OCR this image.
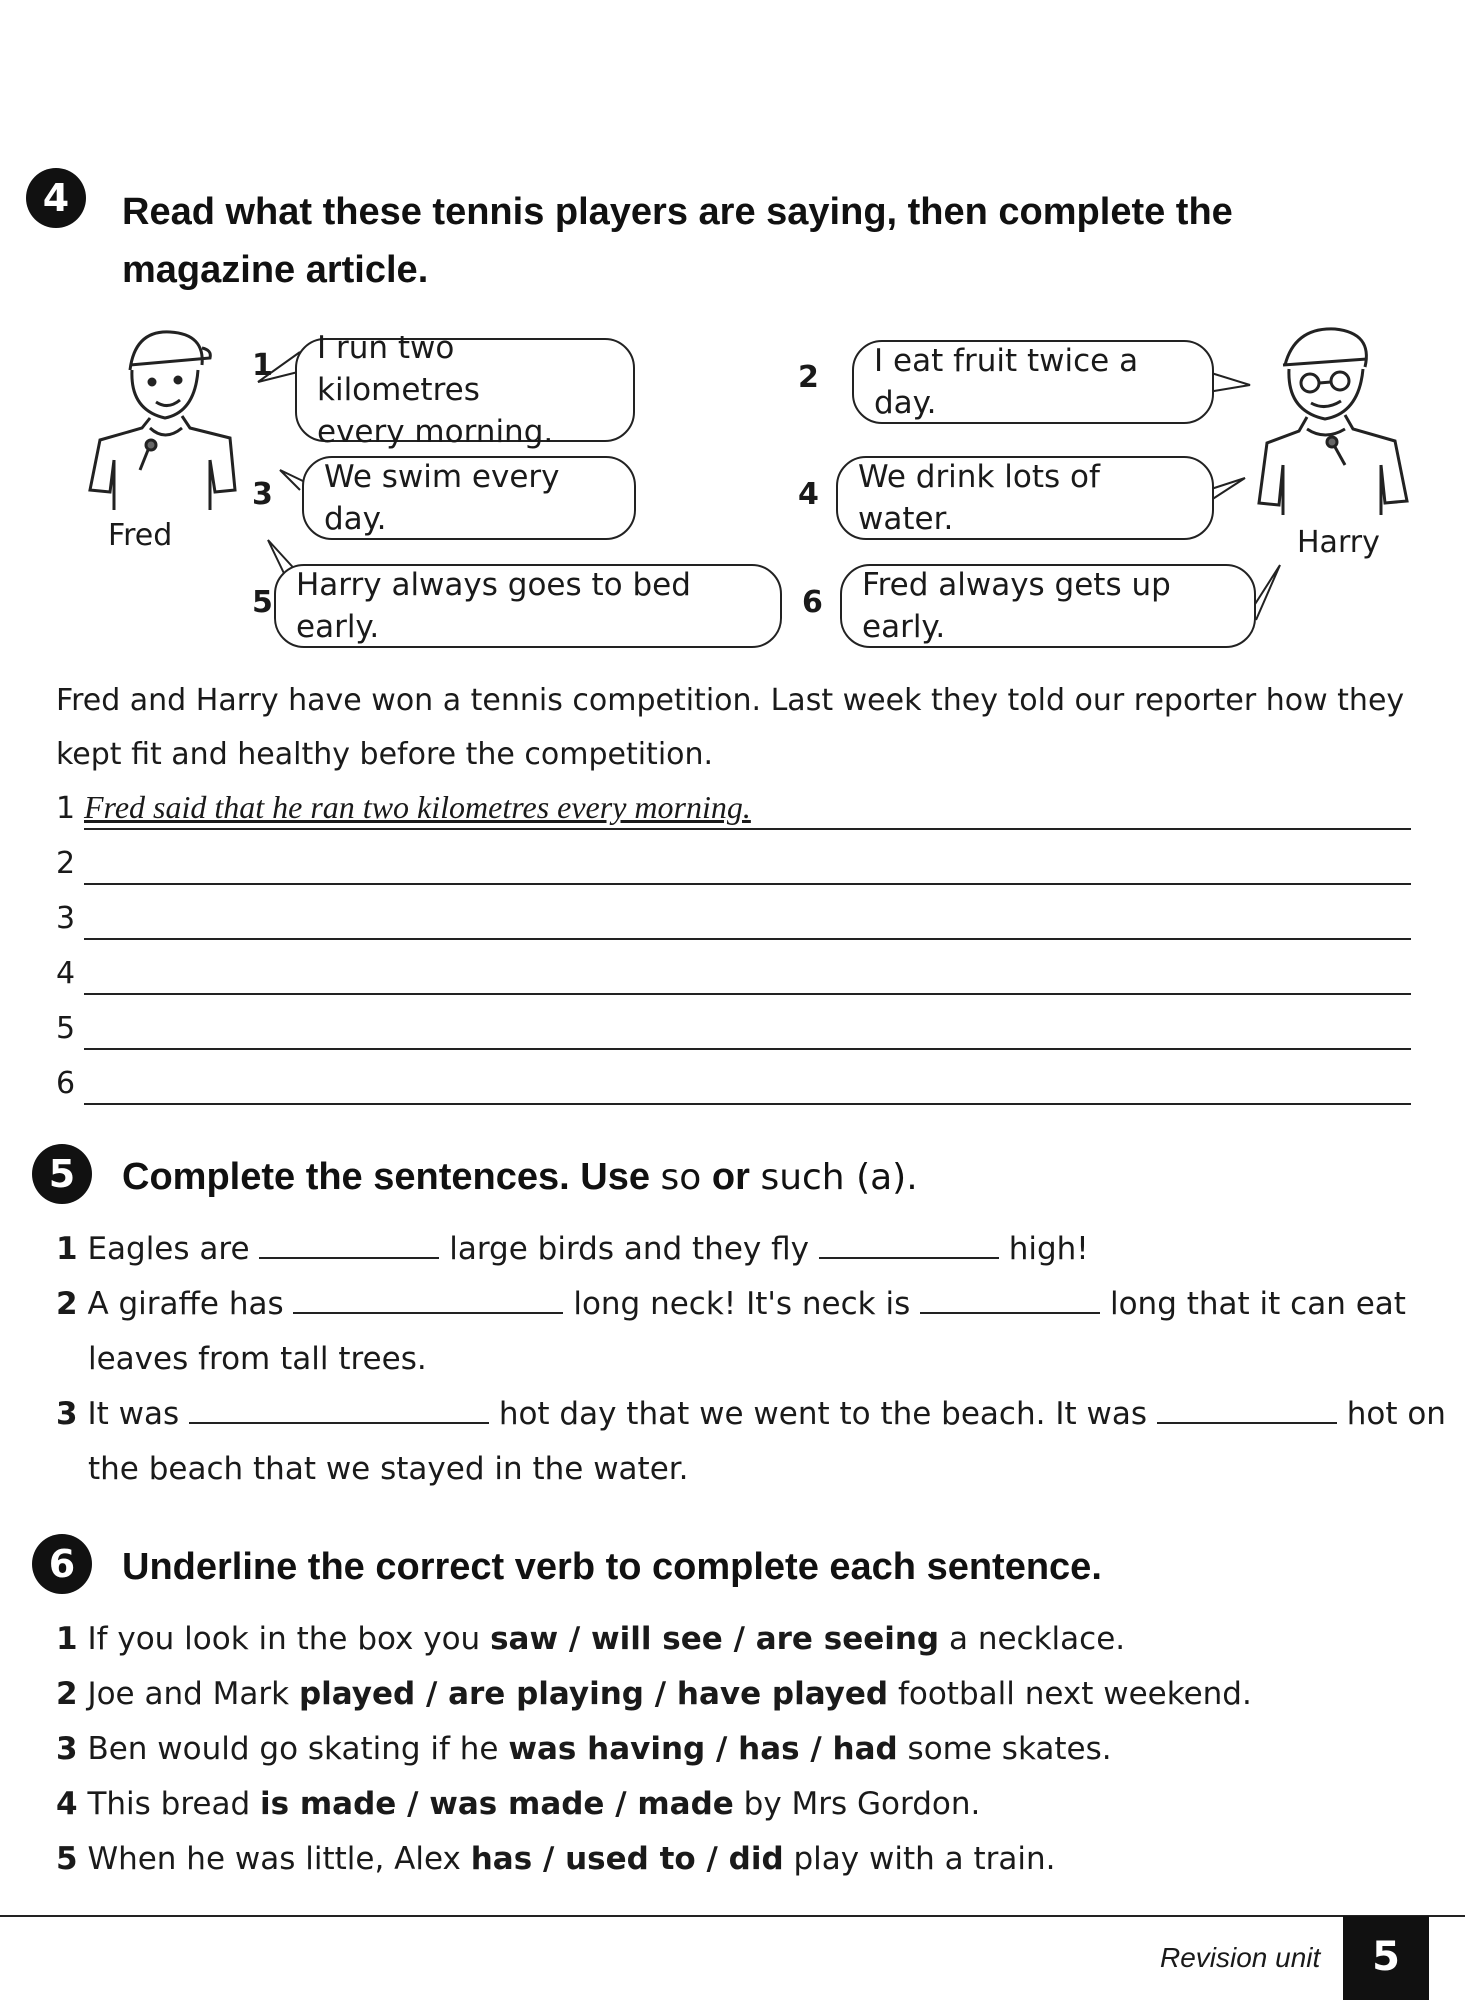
4	Read what these tennis players are saying, then complete the
magazine article.
Fred	Harry
1 I run two kilometres
every morning.
2 I eat fruit twice a day.
3 We swim every day.
4 We drink lots of water.
5 Harry always goes to bed early.
6 Fred always gets up early.
Fred and Harry have won a tennis competition. Last week they told our reporter how they
kept fit and healthy before the competition.
1 Fred said that he ran two kilometres every morning.
2
3
4
5
6
5	Complete the sentences. Use so or such (a).
1 Eagles are	large birds and they fly	high!
2 A giraffe has	long neck! It's neck is	long that it can eat
leaves from tall trees.
3 It was	hot day that we went to the beach. It was	hot on
the beach that we stayed in the water.
6	Underline the correct verb to complete each sentence.
1 If you look in the box you saw / will see / are seeing a necklace.
2 Joe and Mark played / are playing / have played football next weekend.
3 Ben would go skating if he was having / has / had some skates.
4 This bread is made / was made / made by Mrs Gordon.
5 When he was little, Alex has / used to / did play with a train.
Revision unit	5
